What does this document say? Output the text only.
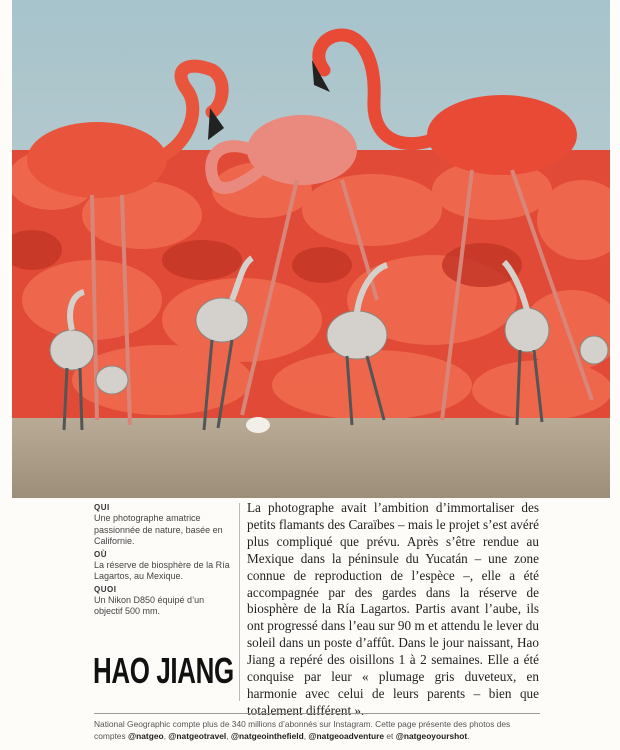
QUI

Une photographe amatrice passionnée de nature, basée en Californie.

OÙ

La réserve de biosphère de la Ría Lagartos, au Mexique.

QUOI

Un Nikon D850 équipé d’un objectif 500 mm.

HAO JIANG
La photographe avait l’ambition d’immortaliser des petits flamants des Caraïbes – mais le projet s’est avéré plus compliqué que prévu. Après s’être rendue au Mexique dans la péninsule du Yucatán – une zone connue de reproduction de l’espèce –, elle a été accompagnée par des gardes dans la réserve de biosphère de la Ría Lagartos. Partis avant l’aube, ils ont progressé dans l’eau sur 90 m et attendu le lever du soleil dans un poste d’affût. Dans le jour naissant, Hao Jiang a repéré des oisillons 1 à 2 semaines. Elle a été conquise par leur « plumage gris duveteux, en harmonie avec celui de leurs parents – bien que totalement différent ».
National Geographic compte plus de 340 millions d’abonnés sur Instagram. Cette page présente des photos des comptes @natgeo, @natgeotravel, @natgeointhefield, @natgeoadventure et @natgeoyourshot.
